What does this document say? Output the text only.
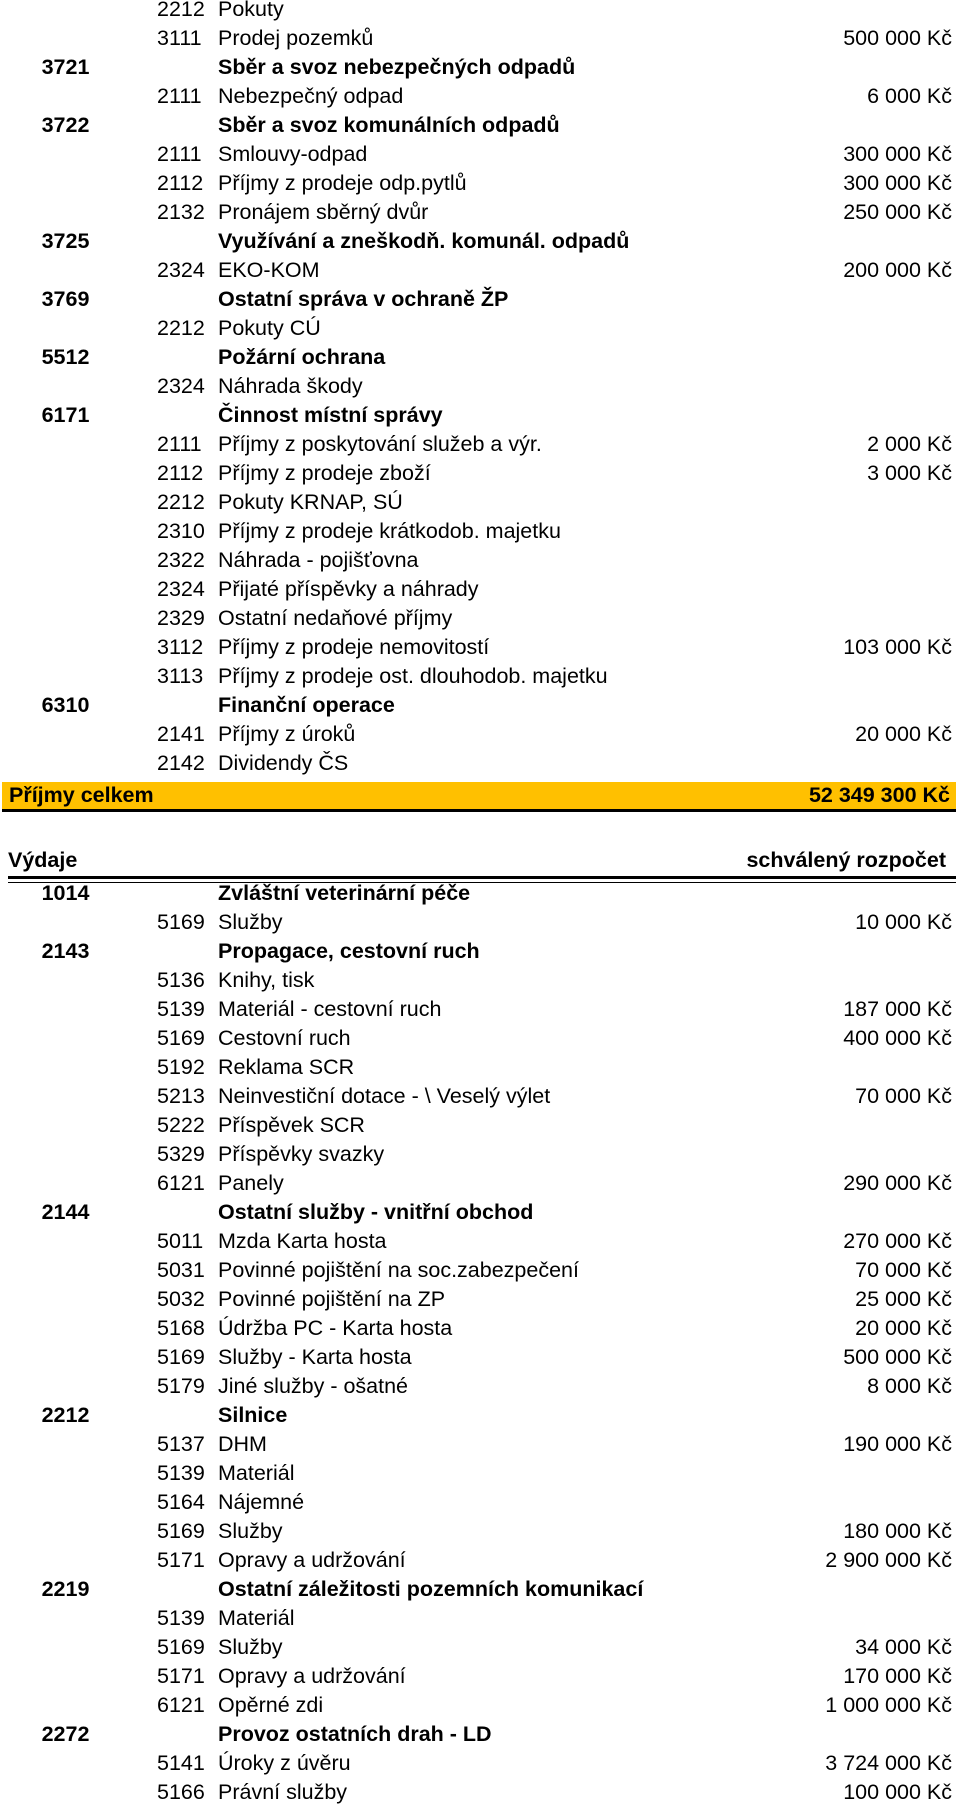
2212 Pokuty
3111 Prodej pozemků	500 000 Kč
3721	Sběr a svoz nebezpečných odpadů
2111 Nebezpečný odpad	6 000 Kč
3722	Sběr a svoz komunálních odpadů
2111 Smlouvy-odpad	300 000 Kč
2112 Příjmy z prodeje odp.pytlů	300 000 Kč
2132 Pronájem sběrný dvůr	250 000 Kč
3725	Využívání a zneškodň. komunál. odpadů
2324 EKO-KOM	200 000 Kč
3769	Ostatní správa v ochraně ŽP
2212 Pokuty CÚ
5512	Požární ochrana
2324 Náhrada škody
6171	Činnost místní správy
2111 Příjmy z poskytování služeb a výr.	2 000 Kč
2112 Příjmy z prodeje zboží	3 000 Kč
2212 Pokuty KRNAP, SÚ
2310 Příjmy z prodeje krátkodob. majetku
2322 Náhrada - pojišťovna
2324 Přijaté příspěvky a náhrady
2329 Ostatní nedaňové příjmy
3112 Příjmy z prodeje nemovitostí	103 000 Kč
3113 Příjmy z prodeje ost. dlouhodob. majetku
6310	Finanční operace
2141 Příjmy z úroků	20 000 Kč
2142 Dividendy ČS
Příjmy celkem	52 349 300 Kč
Výdaje	schválený rozpočet
1014	Zvláštní veterinární péče
5169 Služby	10 000 Kč
2143	Propagace, cestovní ruch
5136 Knihy, tisk
5139 Materiál - cestovní ruch	187 000 Kč
5169 Cestovní ruch	400 000 Kč
5192 Reklama SCR
5213 Neinvestiční dotace - \ Veselý výlet	70 000 Kč
5222 Příspěvek SCR
5329 Příspěvky svazky
6121 Panely	290 000 Kč
2144	Ostatní služby - vnitřní obchod
5011 Mzda Karta hosta	270 000 Kč
5031 Povinné pojištění na soc.zabezpečení	70 000 Kč
5032 Povinné pojištění na ZP	25 000 Kč
5168 Údržba PC - Karta hosta	20 000 Kč
5169 Služby - Karta hosta	500 000 Kč
5179 Jiné služby - ošatné	8 000 Kč
2212	Silnice
5137 DHM	190 000 Kč
5139 Materiál
5164 Nájemné
5169 Služby	180 000 Kč
5171 Opravy a udržování	2 900 000 Kč
2219	Ostatní záležitosti pozemních komunikací
5139 Materiál
5169 Služby	34 000 Kč
5171 Opravy a udržování	170 000 Kč
6121 Opěrné zdi	1 000 000 Kč
2272	Provoz ostatních drah - LD
5141 Úroky z úvěru	3 724 000 Kč
5166 Právní služby	100 000 Kč
